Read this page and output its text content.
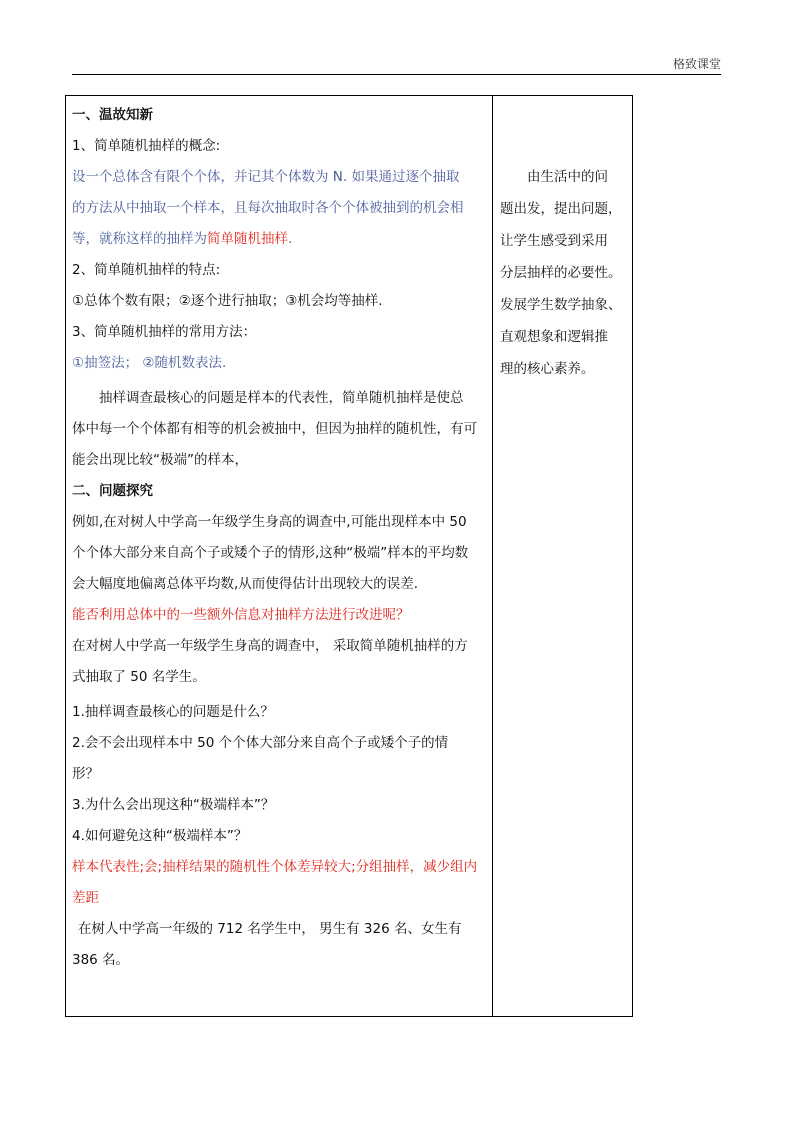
格致课堂
一、温故知新
1、简单随机抽样的概念:
设一个总体含有限个个体，并记其个体数为 N. 如果通过逐个抽取
的方法从中抽取一个样本，且每次抽取时各个个体被抽到的机会相
等，就称这样的抽样为简单随机抽样.
2、简单随机抽样的特点:
①总体个数有限；②逐个进行抽取；③机会均等抽样.
3、简单随机抽样的常用方法：
①抽签法； ②随机数表法.
抽样调查最核心的问题是样本的代表性，简单随机抽样是使总
体中每一个个体都有相等的机会被抽中，但因为抽样的随机性，有可
能会出现比较“极端”的样本，
二、问题探究
例如,在对树人中学高一年级学生身高的调查中,可能出现样本中 50
个个体大部分来自高个子或矮个子的情形,这种“极端”样本的平均数
会大幅度地偏离总体平均数,从而使得估计出现较大的误差.
能否利用总体中的一些额外信息对抽样方法进行改进呢？
在对树人中学高一年级学生身高的调查中， 采取简单随机抽样的方
式抽取了 50 名学生。
1.抽样调查最核心的问题是什么？
2.会不会出现样本中 50 个个体大部分来自高个子或矮个子的情
形？
3.为什么会出现这种“极端样本”？
4.如何避免这种“极端样本”？
样本代表性;会;抽样结果的随机性个体差异较大;分组抽样，减少组内
差距
在树人中学高一年级的 712 名学生中， 男生有 326 名、女生有
386 名。
由生活中的问
题出发，提出问题，
让学生感受到采用
分层抽样的必要性。
发展学生数学抽象、
直观想象和逻辑推
理的核心素养。
